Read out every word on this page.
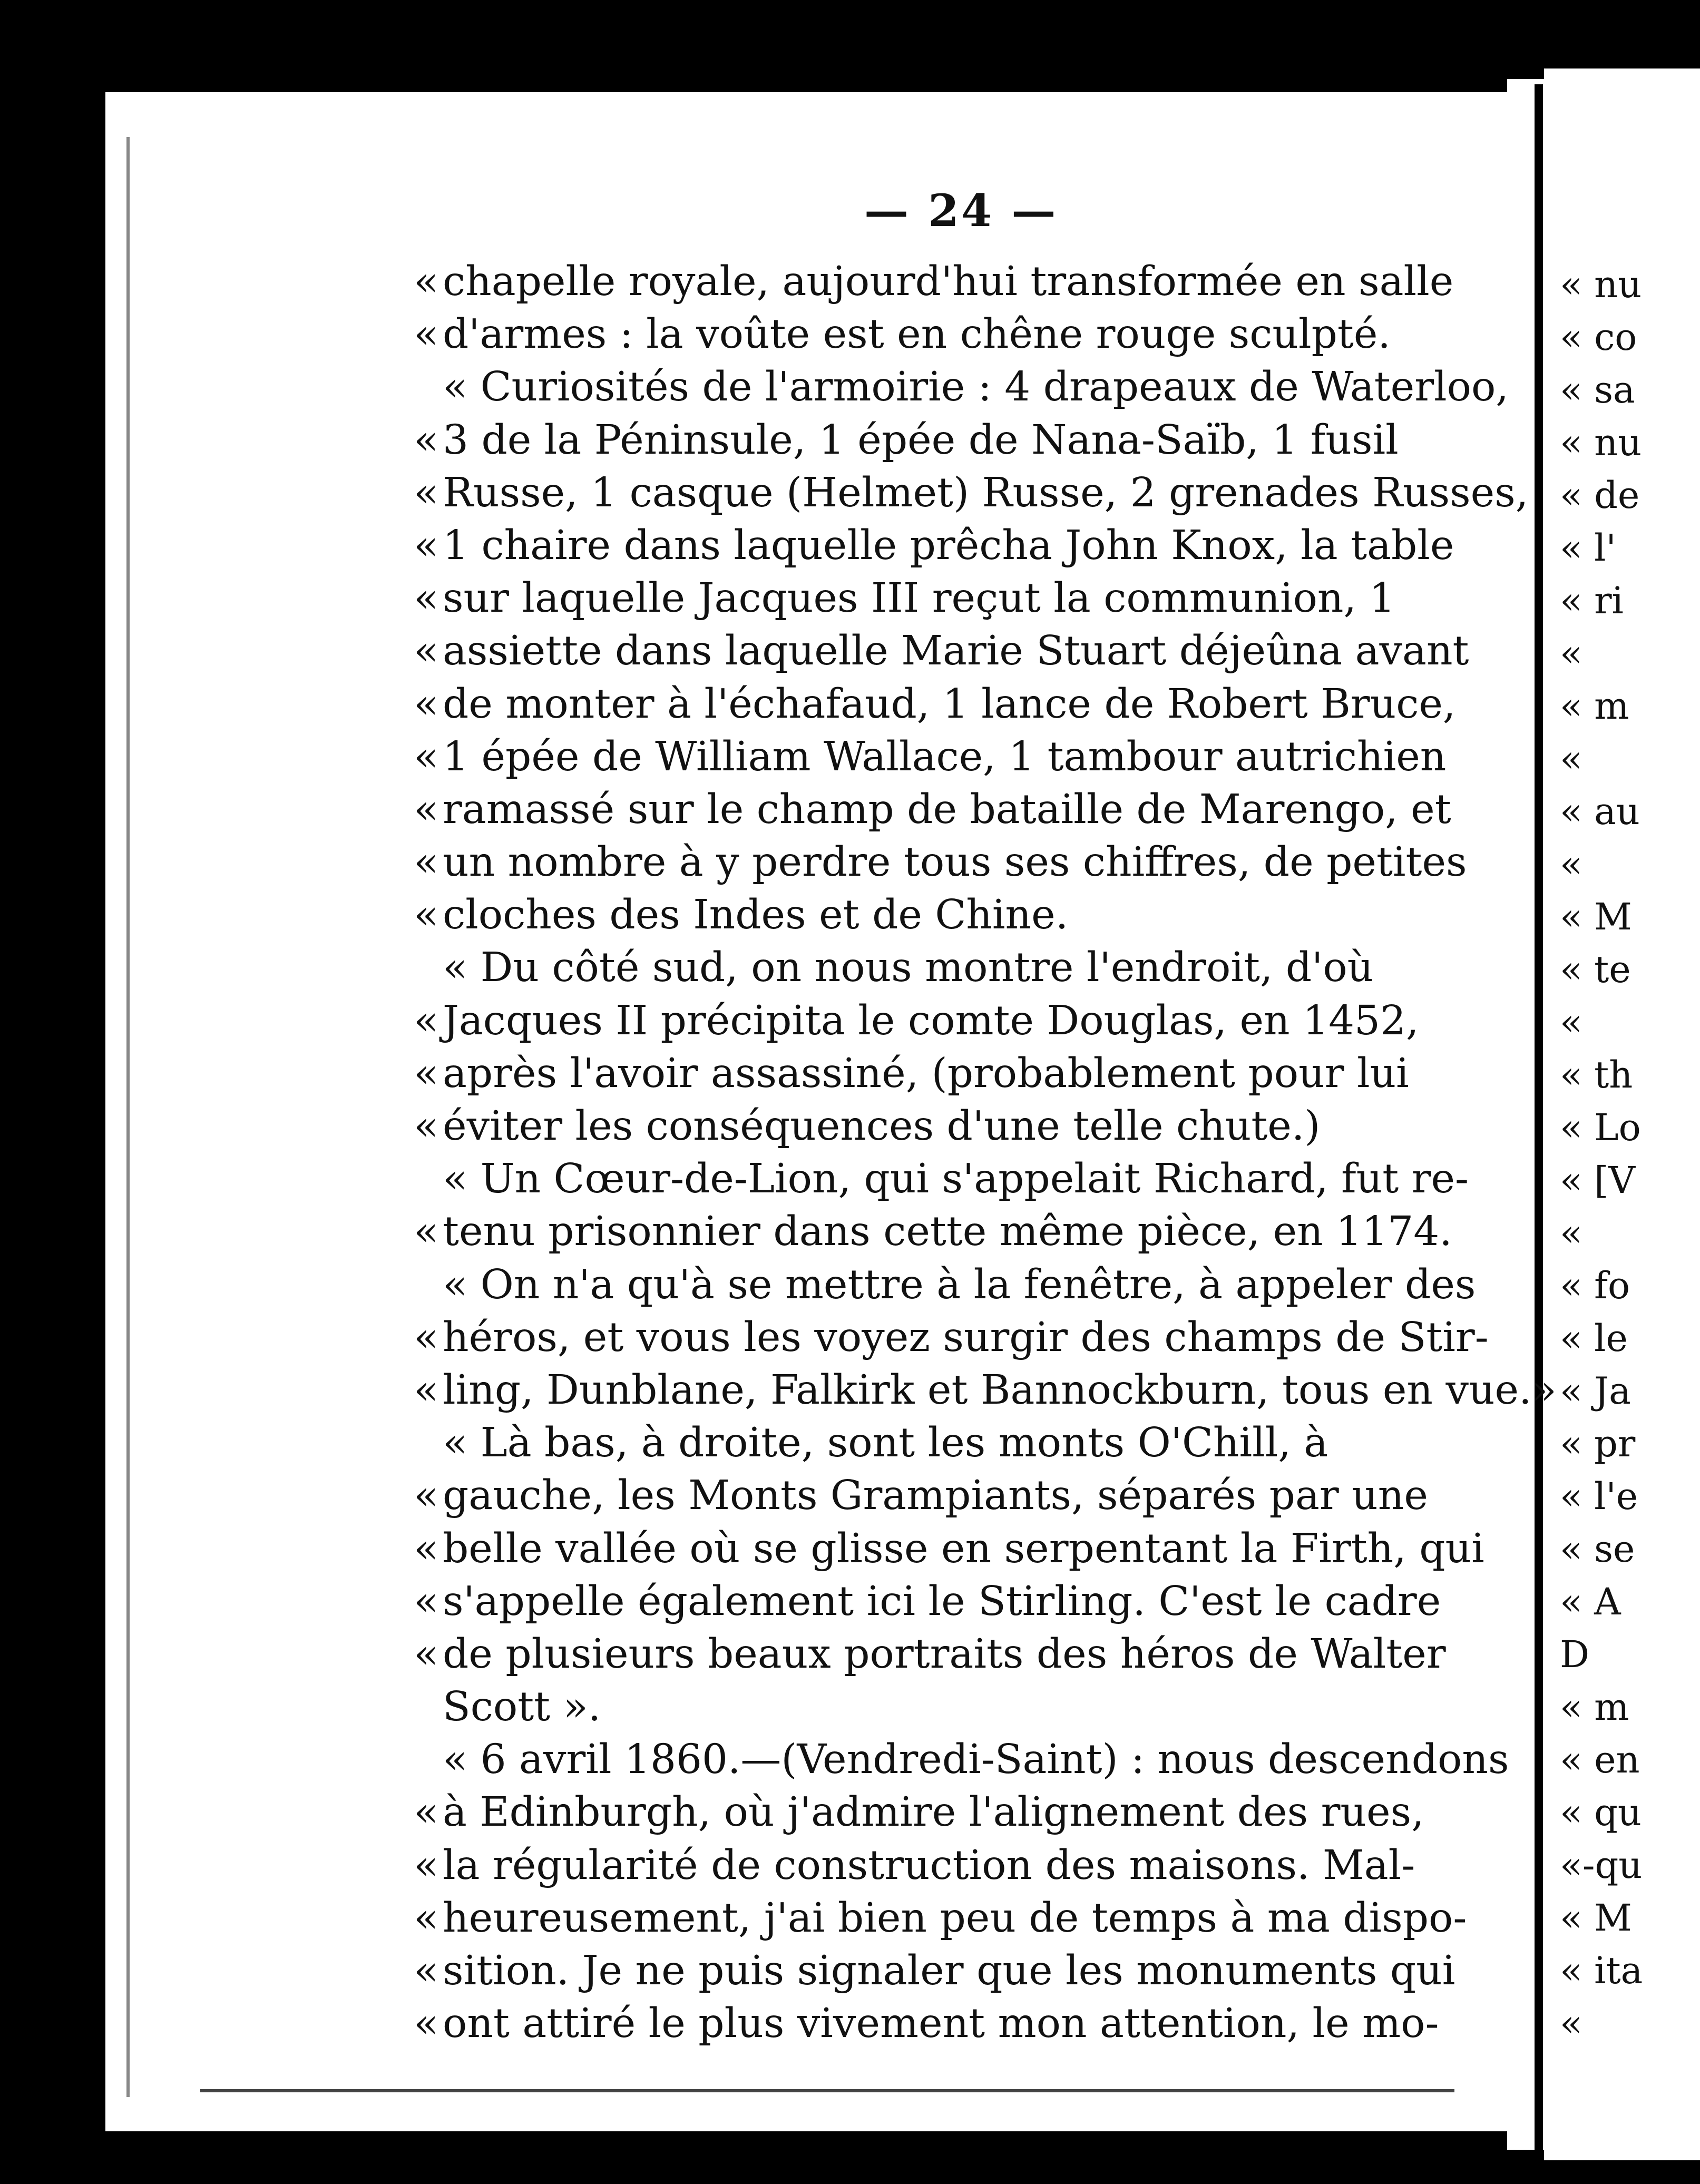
— 24 —
« chapelle royale, aujourd'hui transformée en salle
« d'armes : la voûte est en chêne rouge sculpté.
« Curiosités de l'armoirie : 4 drapeaux de Waterloo,
« 3 de la Péninsule, 1 épée de Nana-Saïb, 1 fusil
« Russe, 1 casque (Helmet) Russe, 2 grenades Russes,
« 1 chaire dans laquelle prêcha John Knox, la table
« sur laquelle Jacques III reçut la communion, 1
« assiette dans laquelle Marie Stuart déjeûna avant
« de monter à l'échafaud, 1 lance de Robert Bruce,
« 1 épée de William Wallace, 1 tambour autrichien
« ramassé sur le champ de bataille de Marengo, et
« un nombre à y perdre tous ses chiffres, de petites
« cloches des Indes et de Chine.
« Du côté sud, on nous montre l'endroit, d'où
« Jacques II précipita le comte Douglas, en 1452,
« après l'avoir assassiné, (probablement pour lui
« éviter les conséquences d'une telle chute.)
« Un Cœur-de-Lion, qui s'appelait Richard, fut re-
« tenu prisonnier dans cette même pièce, en 1174.
« On n'a qu'à se mettre à la fenêtre, à appeler des
« héros, et vous les voyez surgir des champs de Stir-
« ling, Dunblane, Falkirk et Bannockburn, tous en vue.»
« Là bas, à droite, sont les monts O'Chill, à
« gauche, les Monts Grampiants, séparés par une
« belle vallée où se glisse en serpentant la Firth, qui
« s'appelle également ici le Stirling. C'est le cadre
« de plusieurs beaux portraits des héros de Walter
Scott ».
« 6 avril 1860.—(Vendredi-Saint) : nous descendons
« à Edinburgh, où j'admire l'alignement des rues,
« la régularité de construction des maisons. Mal-
« heureusement, j'ai bien peu de temps à ma dispo-
« sition. Je ne puis signaler que les monuments qui
« ont attiré le plus vivement mon attention, le mo-
« nu
« co
« sa
« nu
« de
« l'
« ri
«
« m
«
« au
«
« M
« te
«
« th
« Lo
« [V
«
« fo
« le
« Ja
« pr
« l'e
« se
« A
D
« m
« en
« qu
«-qu
« M
« ita
«
